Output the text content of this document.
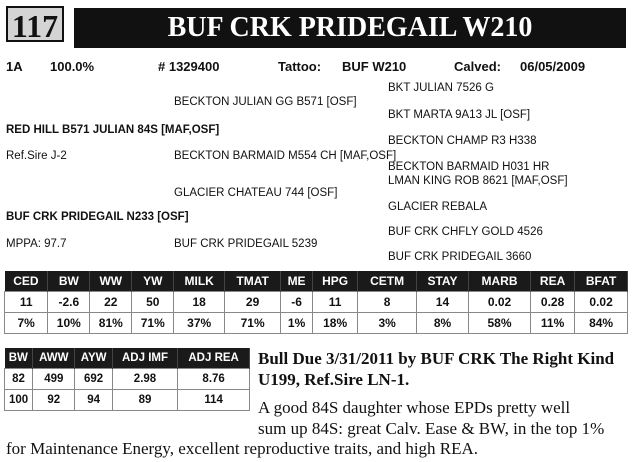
117	BUF CRK PRIDEGAIL W210
1A 100.0%	# 1329400	Tattoo: BUF W210	Calved: 06/05/2009
BKT JULIAN 7526 G
BECKTON JULIAN GG B571 [OSF]
BKT MARTA 9A13 JL [OSF]
RED HILL B571 JULIAN 84S [MAF,OSF]
BECKTON CHAMP R3 H338
Ref.Sire J-2	BECKTON BARMAID M554 CH [MAF,OSF]
BECKTON BARMAID H031 HR
LMAN KING ROB 8621 [MAF,OSF]
GLACIER CHATEAU 744 [OSF]
GLACIER REBALA
BUF CRK PRIDEGAIL N233 [OSF]
BUF CRK CHFLY GOLD 4526
MPPA: 97.7	BUF CRK PRIDEGAIL 5239
BUF CRK PRIDEGAIL 3660
CED	BW	WW	YW	MILK	TMAT	ME	HPG	CETM	STAY	MARB	REA	BFAT
11	-2.6	22	50	18	29	-6	11	8	14	0.02	0.28	0.02
7%	10%	81%	71%	37%	71%	1%	18%	3%	8%	58%	11%	84%
BW	AWW	AYW	ADJ IMF	ADJ REA
82	499	692	2.98	8.76
100	92	94	89	114
Bull Due 3/31/2011 by BUF CRK The Right Kind U199, Ref.Sire LN-1.
A good 84S daughter whose EPDs pretty well
sum up 84S: great Calv. Ease & BW, in the top 1%
for Maintenance Energy, excellent reproductive traits, and high REA.
